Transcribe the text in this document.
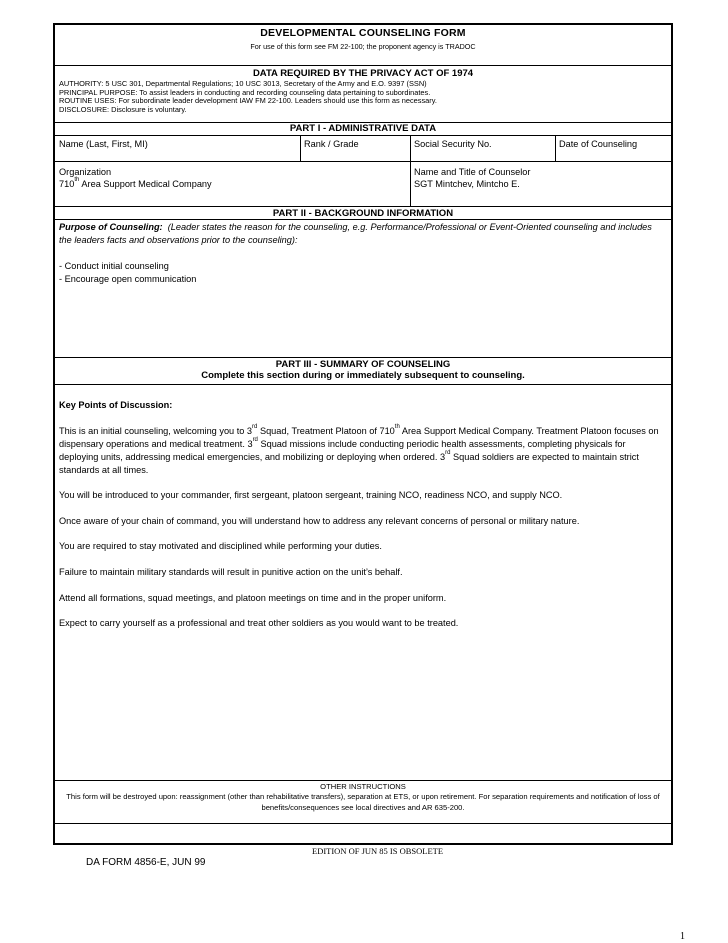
DEVELOPMENTAL COUNSELING FORM
For use of this form see FM 22-100; the proponent agency is TRADOC
DATA REQUIRED BY THE PRIVACY ACT OF 1974
AUTHORITY: 5 USC 301, Departmental Regulations; 10 USC 3013, Secretary of the Army and E.O. 9397 (SSN)
PRINCIPAL PURPOSE: To assist leaders in conducting and recording counseling data pertaining to subordinates.
ROUTINE USES: For subordinate leader development IAW FM 22-100. Leaders should use this form as necessary.
DISCLOSURE: Disclosure is voluntary.
PART I - ADMINISTRATIVE DATA
Name (Last, First, MI)	Rank / Grade	Social Security No.	Date of Counseling
Organization
710th Area Support Medical Company
Name and Title of Counselor
SGT Mintchev, Mintcho E.
PART II - BACKGROUND INFORMATION

Purpose of Counseling: (Leader states the reason for the counseling, e.g. Performance/Professional or Event-Oriented counseling and includes the leaders facts and observations prior to the counseling):

- Conduct initial counseling

- Encourage open communication

PART III - SUMMARY OF COUNSELING
Complete this section during or immediately subsequent to counseling.

Key Points of Discussion:

This is an initial counseling, welcoming you to 3rd Squad, Treatment Platoon of 710th Area Support Medical Company. Treatment Platoon focuses on dispensary operations and medical treatment. 3rd Squad missions include conducting periodic health assessments, completing physicals for deploying units, addressing medical emergencies, and mobilizing or deploying when ordered. 3rd Squad soldiers are expected to maintain strict standards at all times.

You will be introduced to your commander, first sergeant, platoon sergeant, training NCO, readiness NCO, and supply NCO.

Once aware of your chain of command, you will understand how to address any relevant concerns of personal or military nature.

You are required to stay motivated and disciplined while performing your duties.

Failure to maintain military standards will result in punitive action on the unit’s behalf.

Attend all formations, squad meetings, and platoon meetings on time and in the proper uniform.

Expect to carry yourself as a professional and treat other soldiers as you would want to be treated.

OTHER INSTRUCTIONS
This form will be destroyed upon: reassignment (other than rehabilitative transfers), separation at ETS, or upon retirement. For separation requirements and notification of loss of benefits/consequences see local directives and AR 635-200.
EDITION OF JUN 85 IS OBSOLETE
DA FORM 4856-E, JUN 99
1
